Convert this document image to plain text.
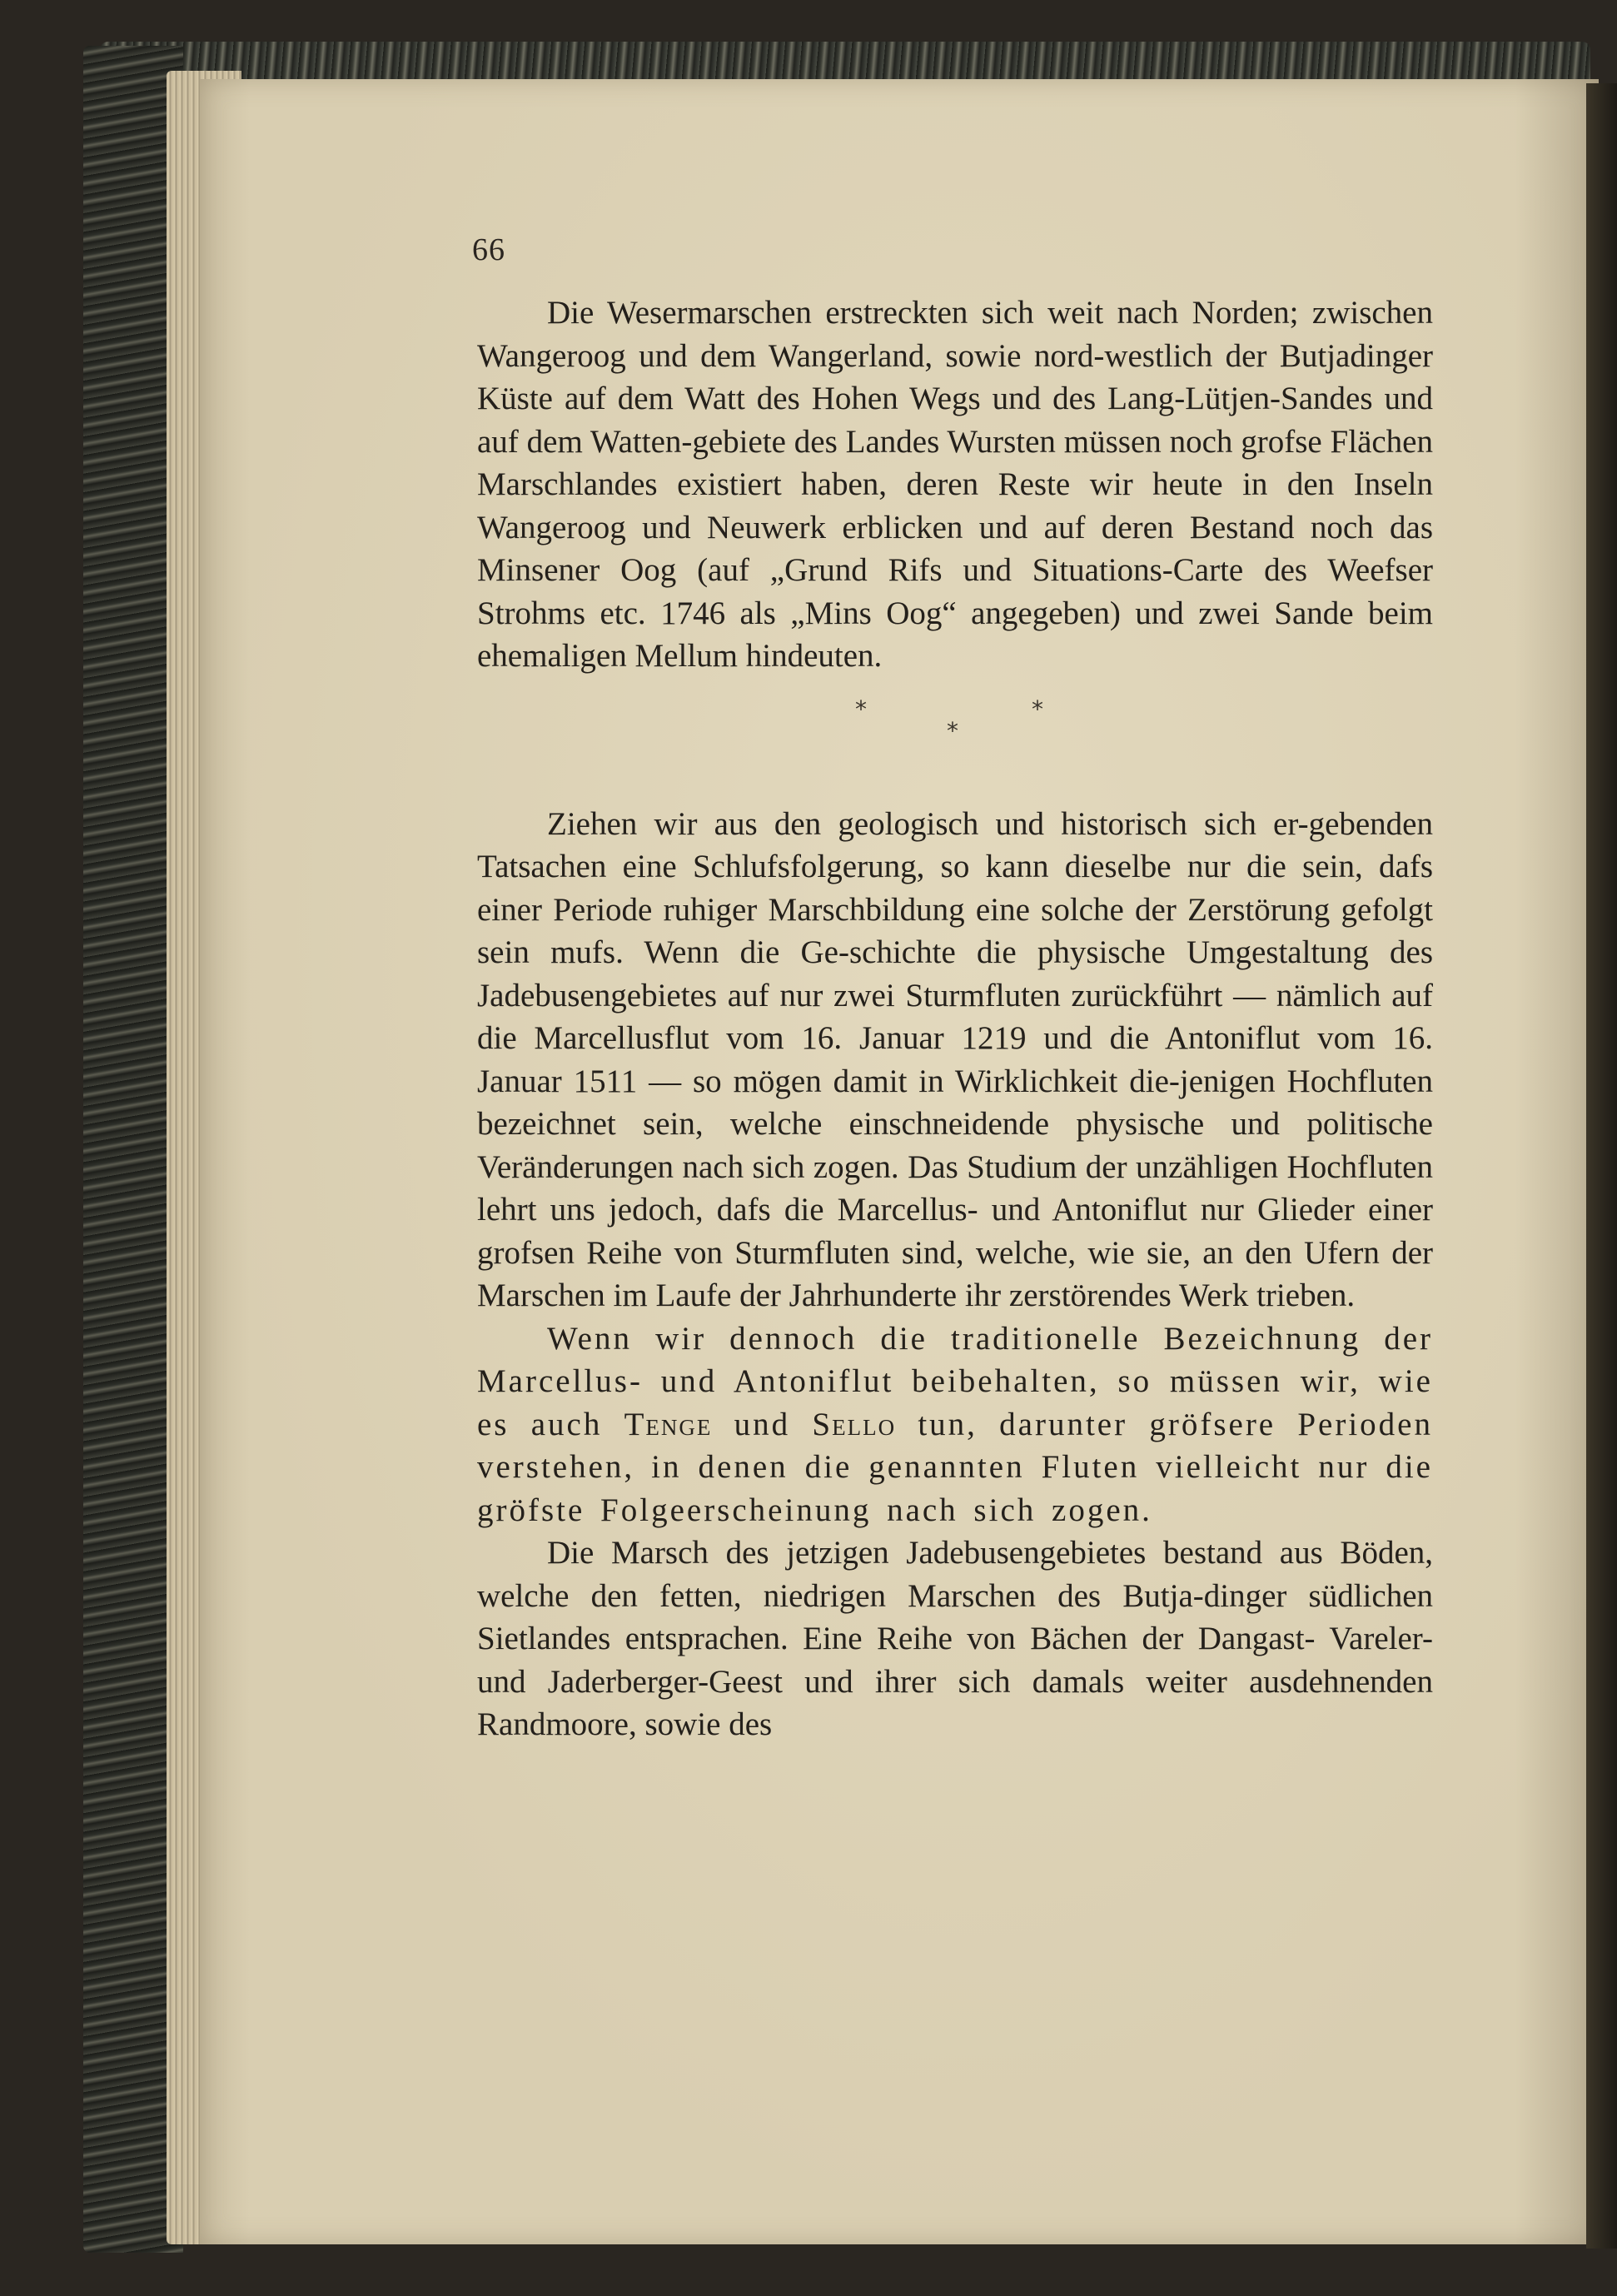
66

Die Wesermarschen erstreckten sich weit nach Norden; zwischen Wangeroog und dem Wangerland, sowie nord-westlich der Butjadinger Küste auf dem Watt des Hohen Wegs und des Lang-Lütjen-Sandes und auf dem Watten-gebiete des Landes Wursten müssen noch grofse Flächen Marschlandes existiert haben, deren Reste wir heute in den Inseln Wangeroog und Neuwerk erblicken und auf deren Bestand noch das Minsener Oog (auf „Grund Rifs und Situations-Carte des Weefser Strohms etc. 1746 als „Mins Oog“ angegeben) und zwei Sande beim ehemaligen Mellum hindeuten.

*
*
*

Ziehen wir aus den geologisch und historisch sich er-gebenden Tatsachen eine Schlufsfolgerung, so kann dieselbe nur die sein, dafs einer Periode ruhiger Marschbildung eine solche der Zerstörung gefolgt sein mufs. Wenn die Ge-schichte die physische Umgestaltung des Jadebusengebietes auf nur zwei Sturmfluten zurückführt — nämlich auf die Marcellusflut vom 16. Januar 1219 und die Antoniflut vom 16. Januar 1511 — so mögen damit in Wirklichkeit die-jenigen Hochfluten bezeichnet sein, welche einschneidende physische und politische Veränderungen nach sich zogen. Das Studium der unzähligen Hochfluten lehrt uns jedoch, dafs die Marcellus- und Antoniflut nur Glieder einer grofsen Reihe von Sturmfluten sind, welche, wie sie, an den Ufern der Marschen im Laufe der Jahrhunderte ihr zerstörendes Werk trieben.

Wenn wir dennoch die traditionelle Bezeichnung der Marcellus- und Antoniflut beibehalten, so müssen wir, wie es auch Tenge und Sello tun, darunter gröfsere Perioden verstehen, in denen die genannten Fluten vielleicht nur die gröfste Folgeerscheinung nach sich zogen.

Die Marsch des jetzigen Jadebusengebietes bestand aus Böden, welche den fetten, niedrigen Marschen des Butja-dinger südlichen Sietlandes entsprachen. Eine Reihe von Bächen der Dangast- Vareler- und Jaderberger-Geest und ihrer sich damals weiter ausdehnenden Randmoore, sowie des
